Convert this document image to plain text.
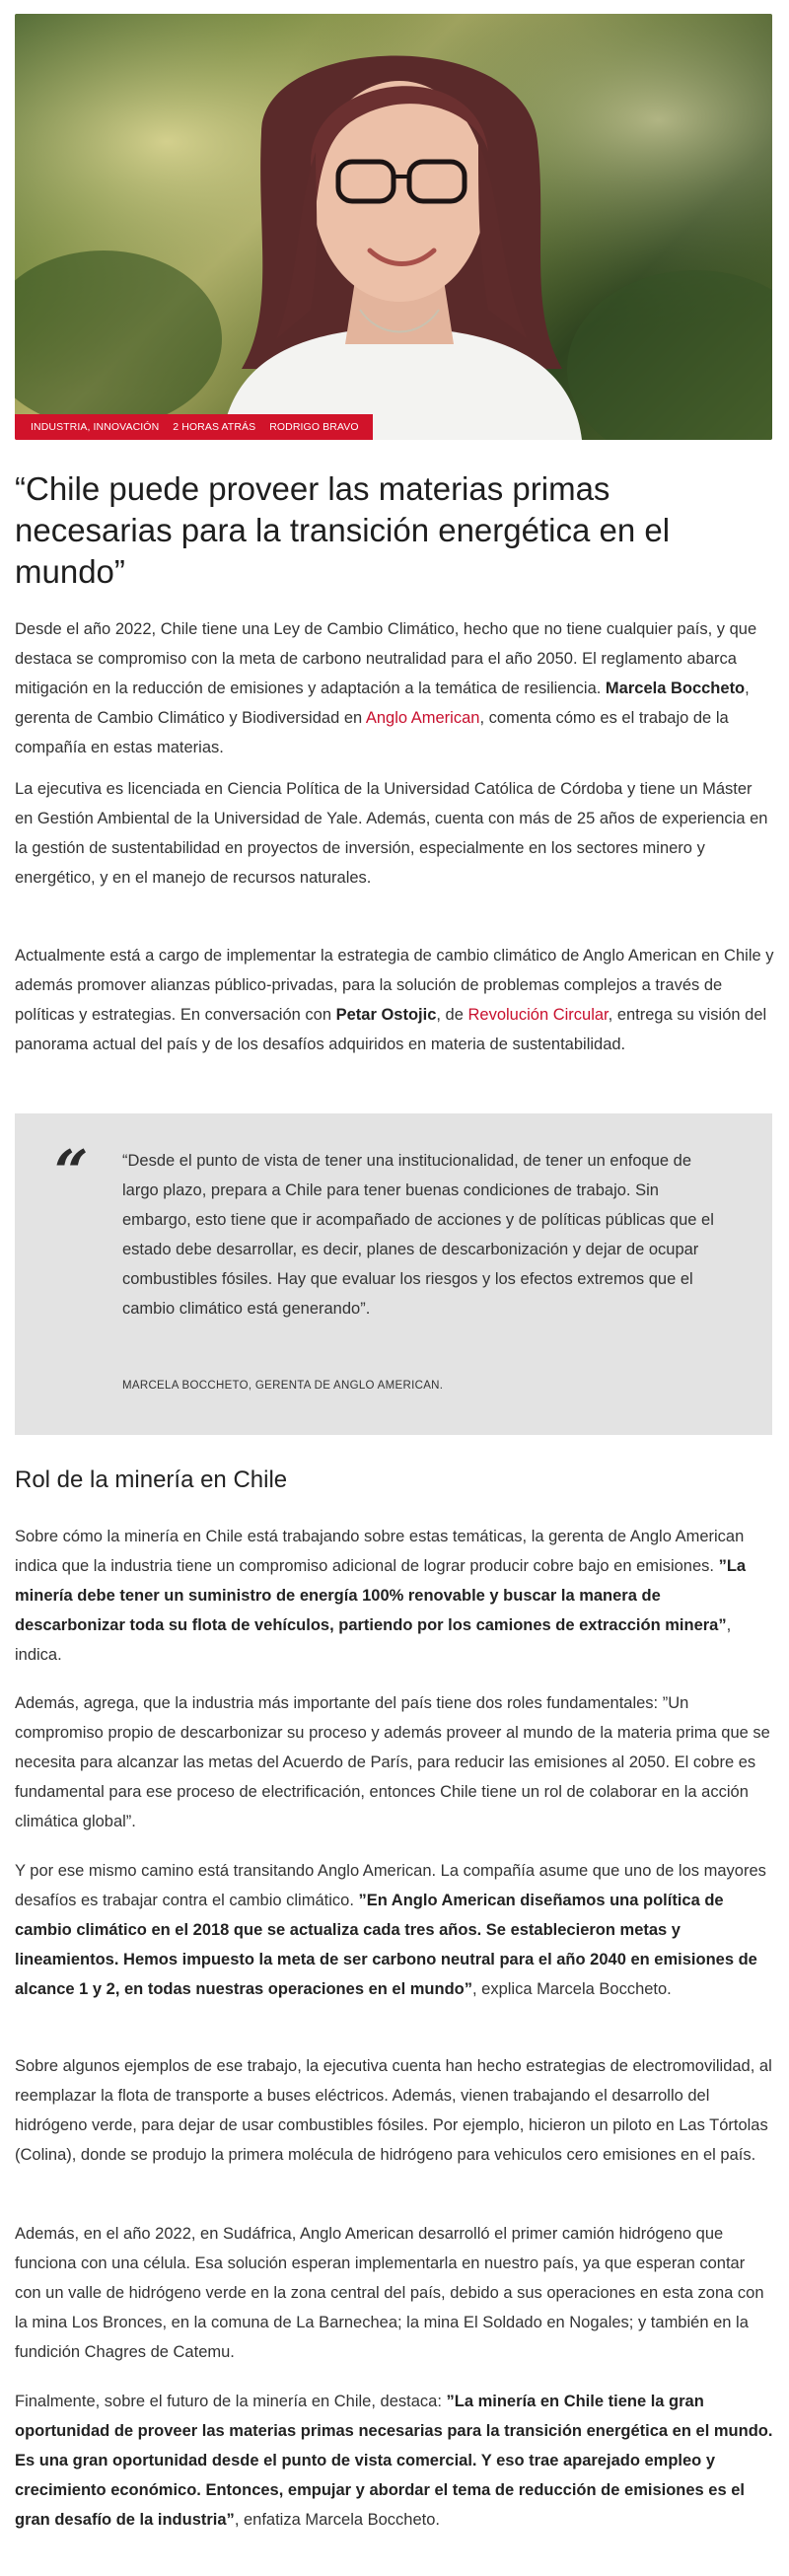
INDUSTRIA, INNOVACIÓN 2 HORAS ATRÁS RODRIGO BRAVO
“Chile puede proveer las materias primas necesarias para la transición energética en el mundo”

Desde el año 2022, Chile tiene una Ley de Cambio Climático, hecho que no tiene cualquier país, y que destaca se compromiso con la meta de carbono neutralidad para el año 2050. El reglamento abarca mitigación en la reducción de emisiones y adaptación a la temática de resiliencia. Marcela Boccheto, gerenta de Cambio Climático y Biodiversidad en Anglo American, comenta cómo es el trabajo de la compañía en estas materias.

La ejecutiva es licenciada en Ciencia Política de la Universidad Católica de Córdoba y tiene un Máster en Gestión Ambiental de la Universidad de Yale. Además, cuenta con más de 25 años de experiencia en la gestión de sustentabilidad en proyectos de inversión, especialmente en los sectores minero y energético, y en el manejo de recursos naturales.

Actualmente está a cargo de implementar la estrategia de cambio climático de Anglo American en Chile y además promover alianzas público-privadas, para la solución de problemas complejos a través de políticas y estrategias. En conversación con Petar Ostojic, de Revolución Circular, entrega su visión del panorama actual del país y de los desafíos adquiridos en materia de sustentabilidad.

“ “Desde el punto de vista de tener una institucionalidad, de tener un enfoque de largo plazo, prepara a Chile para tener buenas condiciones de trabajo. Sin embargo, esto tiene que ir acompañado de acciones y de políticas públicas que el estado debe desarrollar, es decir, planes de descarbonización y dejar de ocupar combustibles fósiles. Hay que evaluar los riesgos y los efectos extremos que el cambio climático está generando”.

MARCELA BOCCHETO, GERENTA DE ANGLO AMERICAN.
Rol de la minería en Chile

Sobre cómo la minería en Chile está trabajando sobre estas temáticas, la gerenta de Anglo American indica que la industria tiene un compromiso adicional de lograr producir cobre bajo en emisiones. ”La minería debe tener un suministro de energía 100% renovable y buscar la manera de descarbonizar toda su flota de vehículos, partiendo por los camiones de extracción minera”, indica.

Además, agrega, que la industria más importante del país tiene dos roles fundamentales: ”Un compromiso propio de descarbonizar su proceso y además proveer al mundo de la materia prima que se necesita para alcanzar las metas del Acuerdo de París, para reducir las emisiones al 2050. El cobre es fundamental para ese proceso de electrificación, entonces Chile tiene un rol de colaborar en la acción climática global”.

Y por ese mismo camino está transitando Anglo American. La compañía asume que uno de los mayores desafíos es trabajar contra el cambio climático. ”En Anglo American diseñamos una política de cambio climático en el 2018 que se actualiza cada tres años. Se establecieron metas y lineamientos. Hemos impuesto la meta de ser carbono neutral para el año 2040 en emisiones de alcance 1 y 2, en todas nuestras operaciones en el mundo”, explica Marcela Boccheto.

Sobre algunos ejemplos de ese trabajo, la ejecutiva cuenta han hecho estrategias de electromovilidad, al reemplazar la flota de transporte a buses eléctricos. Además, vienen trabajando el desarrollo del hidrógeno verde, para dejar de usar combustibles fósiles. Por ejemplo, hicieron un piloto en Las Tórtolas (Colina), donde se produjo la primera molécula de hidrógeno para vehiculos cero emisiones en el país.

Además, en el año 2022, en Sudáfrica, Anglo American desarrolló el primer camión hidrógeno que funciona con una célula. Esa solución esperan implementarla en nuestro país, ya que esperan contar con un valle de hidrógeno verde en la zona central del país, debido a sus operaciones en esta zona con la mina Los Bronces, en la comuna de La Barnechea; la mina El Soldado en Nogales; y también en la fundición Chagres de Catemu.

Finalmente, sobre el futuro de la minería en Chile, destaca: ”La minería en Chile tiene la gran oportunidad de proveer las materias primas necesarias para la transición energética en el mundo. Es una gran oportunidad desde el punto de vista comercial. Y eso trae aparejado empleo y crecimiento económico. Entonces, empujar y abordar el tema de reducción de emisiones es el gran desafío de la industria”, enfatiza Marcela Boccheto.
